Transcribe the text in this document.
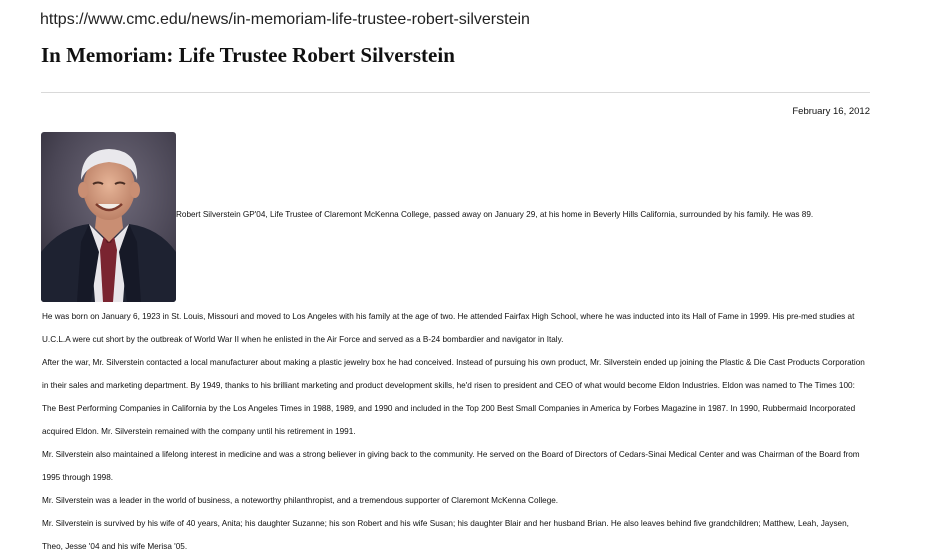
https://www.cmc.edu/news/in-memoriam-life-trustee-robert-silverstein
In Memoriam: Life Trustee Robert Silverstein
February 16, 2012
Robert Silverstein GP'04, Life Trustee of Claremont McKenna College, passed away on January 29, at his home in Beverly Hills California, surrounded by his family. He was 89.

He was born on January 6, 1923 in St. Louis, Missouri and moved to Los Angeles with his family at the age of two. He attended Fairfax High School, where he was inducted into its Hall of Fame in 1999. His pre-med studies at U.C.L.A were cut short by the outbreak of World War II when he enlisted in the Air Force and served as a B-24 bombardier and navigator in Italy.

After the war, Mr. Silverstein contacted a local manufacturer about making a plastic jewelry box he had conceived. Instead of pursuing his own product, Mr. Silverstein ended up joining the Plastic & Die Cast Products Corporation in their sales and marketing department. By 1949, thanks to his brilliant marketing and product development skills, he'd risen to president and CEO of what would become Eldon Industries. Eldon was named to The Times 100: The Best Performing Companies in California by the Los Angeles Times in 1988, 1989, and 1990 and included in the Top 200 Best Small Companies in America by Forbes Magazine in 1987. In 1990, Rubbermaid Incorporated acquired Eldon. Mr. Silverstein remained with the company until his retirement in 1991.

Mr. Silverstein also maintained a lifelong interest in medicine and was a strong believer in giving back to the community. He served on the Board of Directors of Cedars-Sinai Medical Center and was Chairman of the Board from 1995 through 1998.

Mr. Silverstein was a leader in the world of business, a noteworthy philanthropist, and a tremendous supporter of Claremont McKenna College.

Mr. Silverstein is survived by his wife of 40 years, Anita; his daughter Suzanne; his son Robert and his wife Susan; his daughter Blair and her husband Brian. He also leaves behind five grandchildren; Matthew, Leah, Jaysen, Theo, Jesse '04 and his wife Merisa '05.
